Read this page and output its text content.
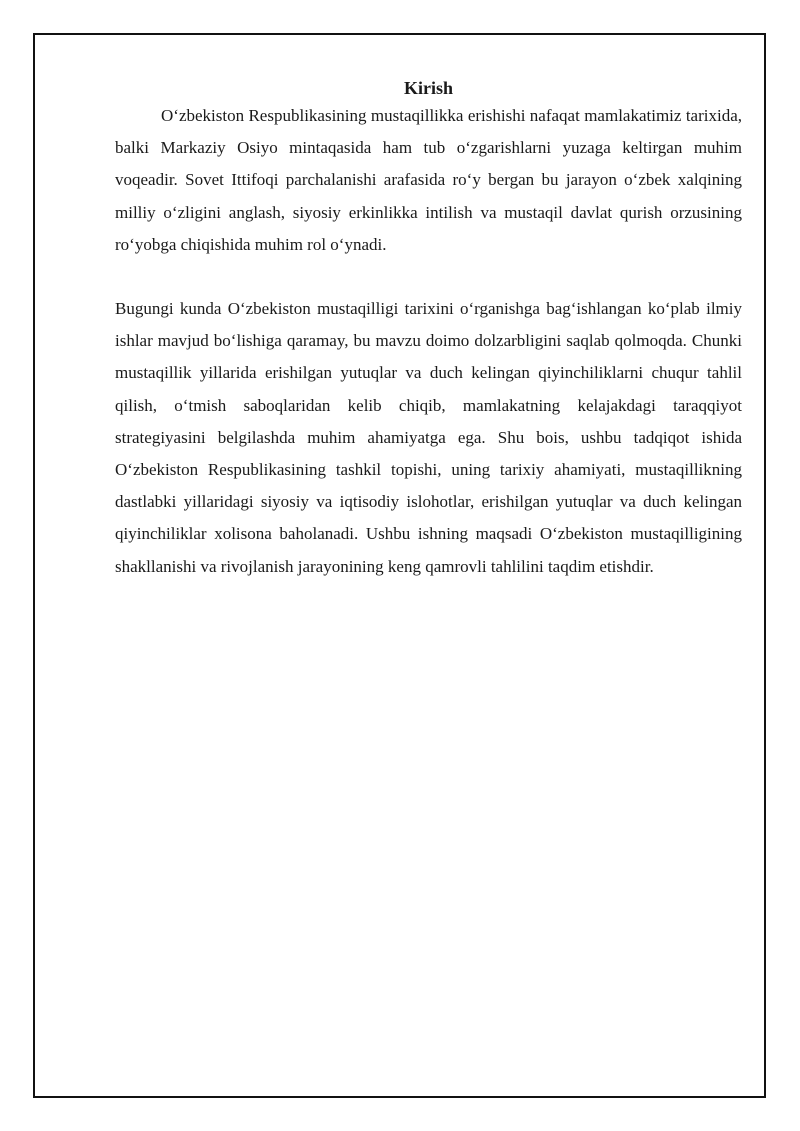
Kirish

O‘zbekiston Respublikasining mustaqillikka erishishi nafaqat mamlakatimiz tarixida, balki Markaziy Osiyo mintaqasida ham tub o‘zgarishlarni yuzaga keltirgan muhim voqeadir. Sovet Ittifoqi parchalanishi arafasida ro‘y bergan bu jarayon o‘zbek xalqining milliy o‘zligini anglash, siyosiy erkinlikka intilish va mustaqil davlat qurish orzusining ro‘yobga chiqishida muhim rol o‘ynadi.

Bugungi kunda O‘zbekiston mustaqilligi tarixini o‘rganishga bag‘ishlangan ko‘plab ilmiy ishlar mavjud bo‘lishiga qaramay, bu mavzu doimo dolzarbligini saqlab qolmoqda. Chunki mustaqillik yillarida erishilgan yutuqlar va duch kelingan qiyinchiliklarni chuqur tahlil qilish, o‘tmish saboqlaridan kelib chiqib, mamlakatning kelajakdagi taraqqiyot strategiyasini belgilashda muhim ahamiyatga ega. Shu bois, ushbu tadqiqot ishida O‘zbekiston Respublikasining tashkil topishi, uning tarixiy ahamiyati, mustaqillikning dastlabki yillaridagi siyosiy va iqtisodiy islohotlar, erishilgan yutuqlar va duch kelingan qiyinchiliklar xolisona baholanadi. Ushbu ishning maqsadi O‘zbekiston mustaqilligining shakllanishi va rivojlanish jarayonining keng qamrovli tahlilini taqdim etishdir.
